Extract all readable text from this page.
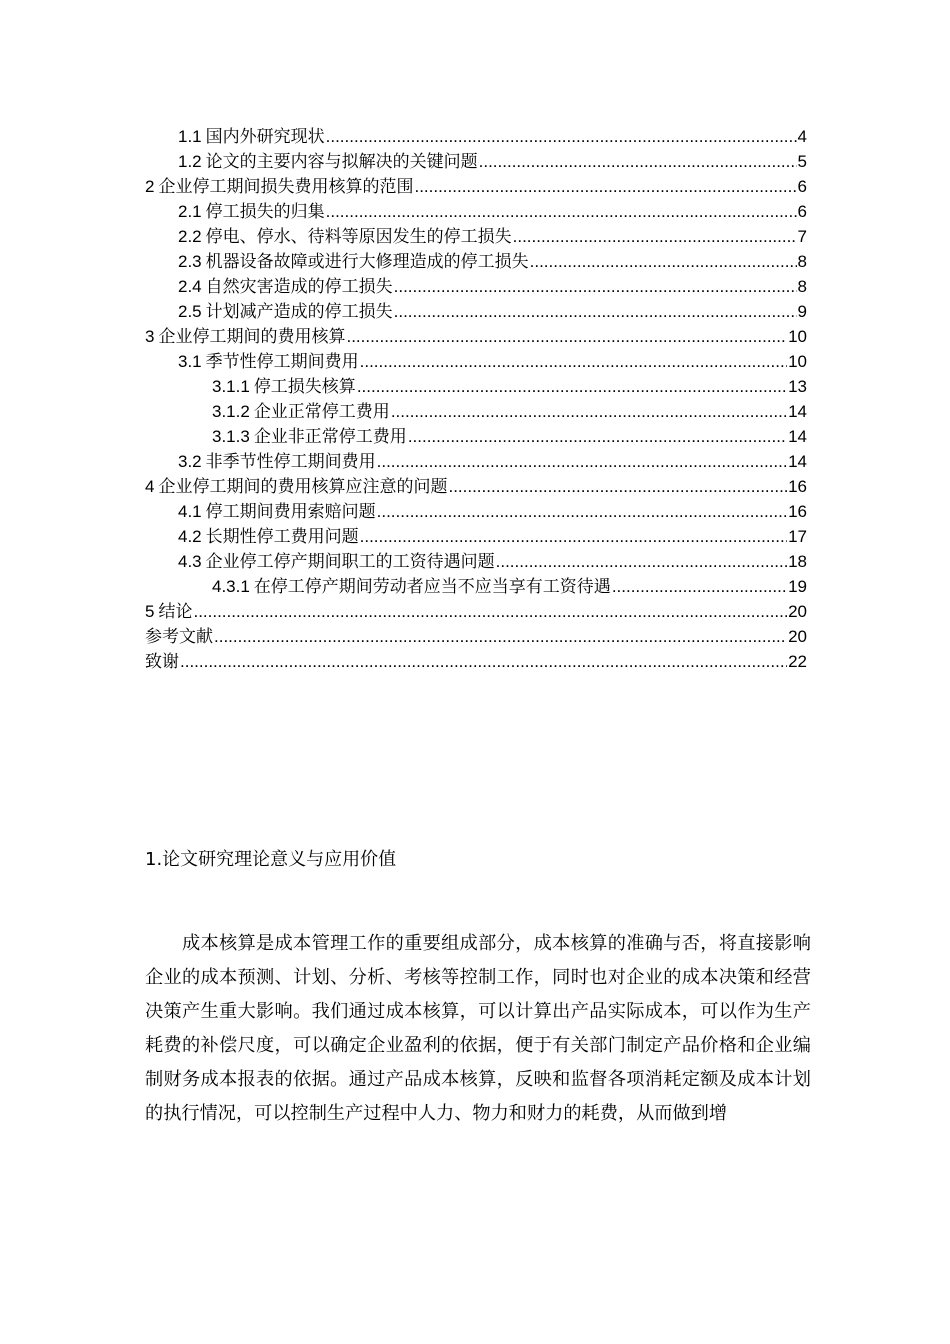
1.1 国内外研究现状 .....	4
1.2 论文的主要内容与拟解决的关键问题 .....	5
2 企业停工期间损失费用核算的范围 .....	6
2.1 停工损失的归集 .....	6
2.2 停电、停水、待料等原因发生的停工损失 .....	7
2.3 机器设备故障或进行大修理造成的停工损失 .....	8
2.4 自然灾害造成的停工损失 .....	8
2.5 计划减产造成的停工损失 .....	9
3 企业停工期间的费用核算 .....	10
3.1 季节性停工期间费用 .....	10
3.1.1 停工损失核算 .....	13
3.1.2 企业正常停工费用 .....	14
3.1.3 企业非正常停工费用 .....	14
3.2 非季节性停工期间费用 .....	14
4 企业停工期间的费用核算应注意的问题 .....	16
4.1 停工期间费用索赔问题 .....	16
4.2 长期性停工费用问题 .....	17
4.3 企业停工停产期间职工的工资待遇问题 .....	18
4.3.1 在停工停产期间劳动者应当不应当享有工资待遇 .....	19
5 结论 .....	20
参考文献 .....	20
致谢 .....	22
1.论文研究理论意义与应用价值

成本核算是成本管理工作的重要组成部分，成本核算的准确与否，将直接影响企业的成本预测、计划、分析、考核等控制工作，同时也对企业的成本决策和经营决策产生重大影响。我们通过成本核算，可以计算出产品实际成本，可以作为生产耗费的补偿尺度，可以确定企业盈利的依据，便于有关部门制定产品价格和企业编制财务成本报表的依据。通过产品成本核算，反映和监督各项消耗定额及成本计划的执行情况，可以控制生产过程中人力、物力和财力的耗费，从而做到增
